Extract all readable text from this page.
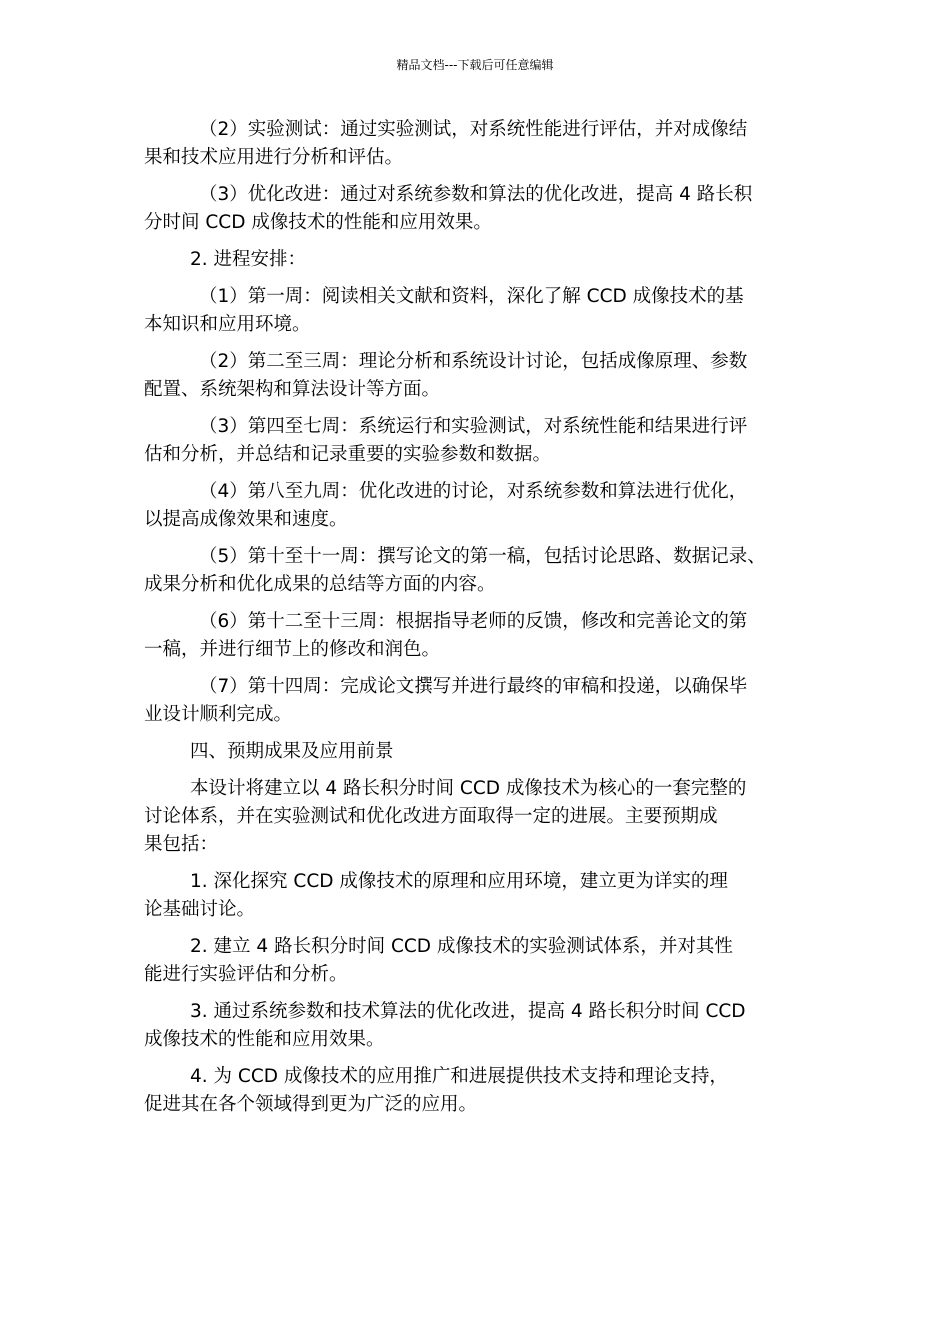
精品文档---下载后可任意编辑

（2）实验测试：通过实验测试，对系统性能进行评估，并对成像结
果和技术应用进行分析和评估。

（3）优化改进：通过对系统参数和算法的优化改进，提高 4 路长积
分时间 CCD 成像技术的性能和应用效果。

2. 进程安排：

（1）第一周：阅读相关文献和资料，深化了解 CCD 成像技术的基
本知识和应用环境。

（2）第二至三周：理论分析和系统设计讨论，包括成像原理、参数
配置、系统架构和算法设计等方面。

（3）第四至七周：系统运行和实验测试，对系统性能和结果进行评
估和分析，并总结和记录重要的实验参数和数据。

（4）第八至九周：优化改进的讨论，对系统参数和算法进行优化，
以提高成像效果和速度。

（5）第十至十一周：撰写论文的第一稿，包括讨论思路、数据记录、
成果分析和优化成果的总结等方面的内容。

（6）第十二至十三周：根据指导老师的反馈，修改和完善论文的第
一稿，并进行细节上的修改和润色。

（7）第十四周：完成论文撰写并进行最终的审稿和投递，以确保毕
业设计顺利完成。

四、预期成果及应用前景

本设计将建立以 4 路长积分时间 CCD 成像技术为核心的一套完整的
讨论体系，并在实验测试和优化改进方面取得一定的进展。主要预期成
果包括：

1. 深化探究 CCD 成像技术的原理和应用环境，建立更为详实的理
论基础讨论。

2. 建立 4 路长积分时间 CCD 成像技术的实验测试体系，并对其性
能进行实验评估和分析。

3. 通过系统参数和技术算法的优化改进，提高 4 路长积分时间 CCD
成像技术的性能和应用效果。

4. 为 CCD 成像技术的应用推广和进展提供技术支持和理论支持，
促进其在各个领域得到更为广泛的应用。
